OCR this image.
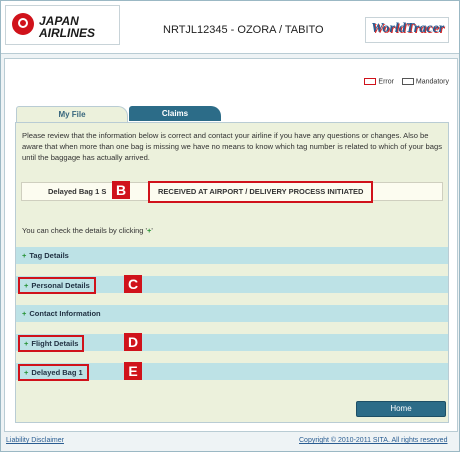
JAPAN
AIRLINES	NRTJL12345 - OZORA / TABITO	WorldTracer
Error	Mandatory
My File	Claims
Please review that the information below is correct and contact your airline if you have any questions or changes. Also be aware that when more than one bag is missing we have no means to know which tag number is related to which of your bags until the baggage has actually arrived.
Delayed Bag 1 S	RECEIVED AT AIRPORT / DELIVERY PROCESS INITIATED
B
You can check the details by clicking '+'
+ Tag Details
+ Personal Details	C
+ Contact Information
+ Flight Details	D
+ Delayed Bag 1	E
Home
Liability Disclaimer	Copyright © 2010-2011 SITA. All rights reserved
